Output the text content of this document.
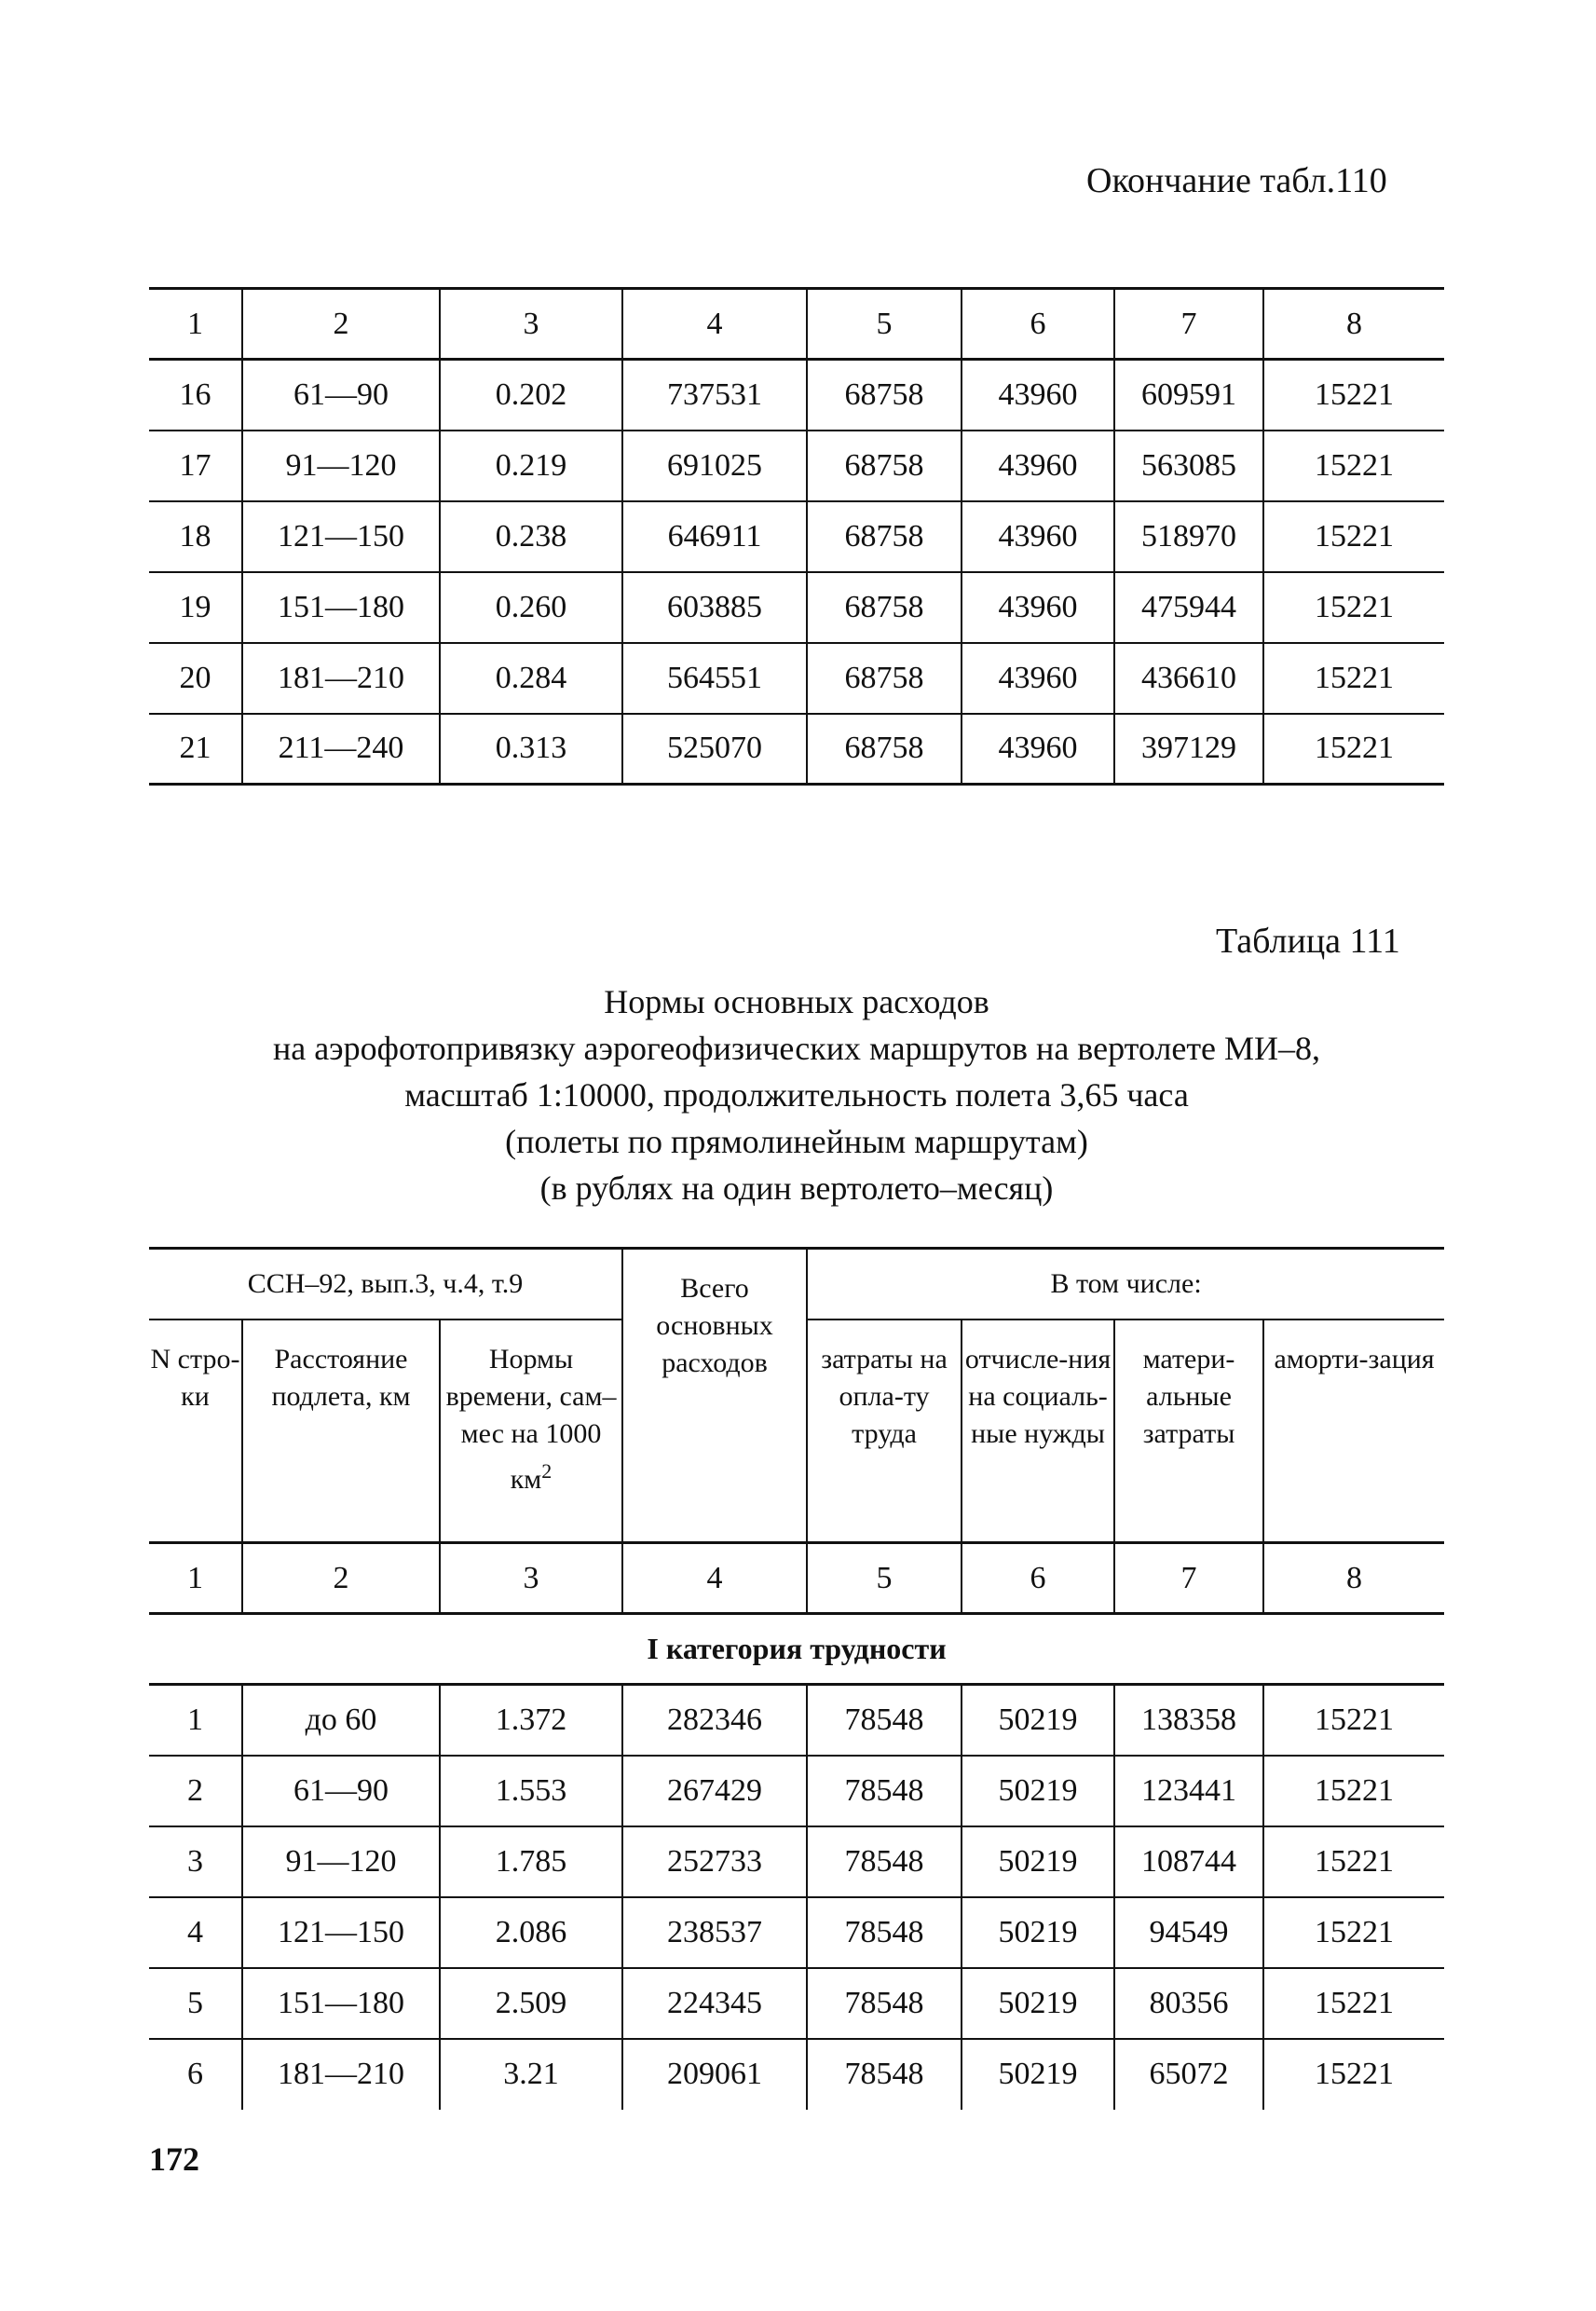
Окончание табл.110
1	2	3	4	5	6	7	8
16	61—90	0.202	737531	68758	43960	609591	15221
17	91—120	0.219	691025	68758	43960	563085	15221
18	121—150	0.238	646911	68758	43960	518970	15221
19	151—180	0.260	603885	68758	43960	475944	15221
20	181—210	0.284	564551	68758	43960	436610	15221
21	211—240	0.313	525070	68758	43960	397129	15221
Таблица 111
Нормы основных расходов
на аэрофотопривязку аэрогеофизических маршрутов на вертолете МИ–8,
масштаб 1:10000, продолжительность полета 3,65 часа
(полеты по прямолинейным маршрутам)
(в рублях на один вертолето–месяц)
ССН–92, вып.3, ч.4, т.9			Всего основных расходов	В том числе:			
N стро-ки	Расстояние подлета, км	Нормы времени, сам–мес на 1000 $км^2$		затраты на опла-ту труда	отчисле-ния на социаль-ные нужды	матери-альные затраты	аморти-зация
1	2	3	4	5	6	7	8
I категория трудности							
1	до 60	1.372	282346	78548	50219	138358	15221
2	61—90	1.553	267429	78548	50219	123441	15221
3	91—120	1.785	252733	78548	50219	108744	15221
4	121—150	2.086	238537	78548	50219	94549	15221
5	151—180	2.509	224345	78548	50219	80356	15221
6	181—210	3.21	209061	78548	50219	65072	15221
172
